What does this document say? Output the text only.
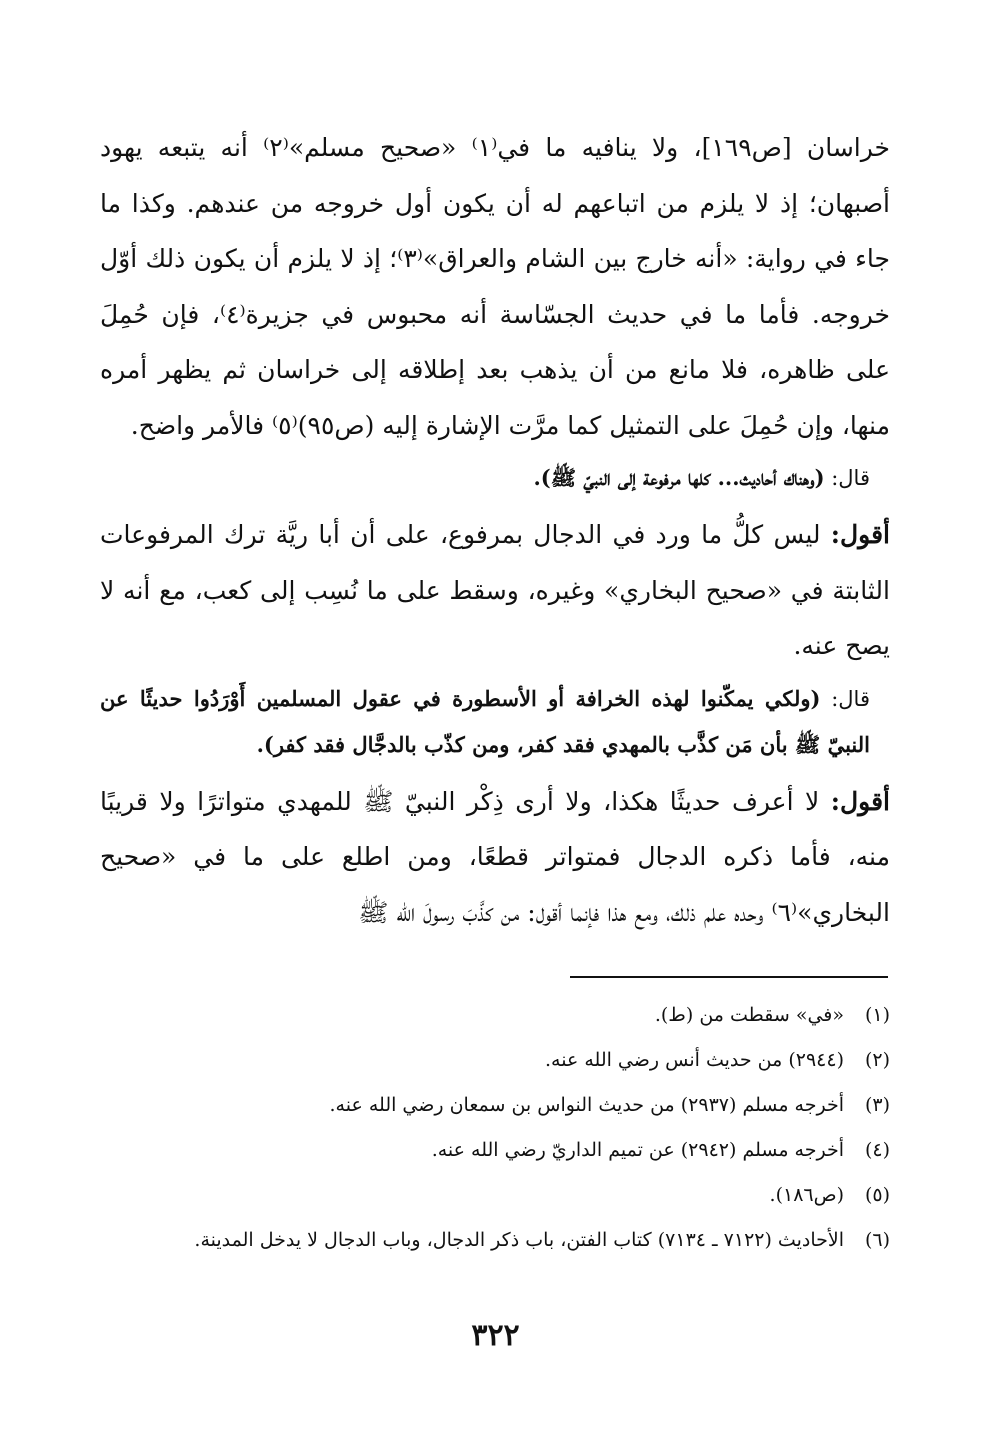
خراسان [ص١٦٩]، ولا ينافيه ما في⁽١⁾ «صحيح مسلم»⁽٢⁾ أنه يتبعه يهود أصبهان؛ إذ لا يلزم من اتباعهم له أن يكون أول خروجه من عندهم. وكذا ما جاء في رواية: «أنه خارج بين الشام والعراق»⁽٣⁾؛ إذ لا يلزم أن يكون ذلك أوّل خروجه. فأما ما في حديث الجسّاسة أنه محبوس في جزيرة⁽٤⁾، فإن حُمِلَ على ظاهره، فلا مانع من أن يذهب بعد إطلاقه إلى خراسان ثم يظهر أمره منها، وإن حُمِلَ على التمثيل كما مرَّت الإشارة إليه (ص٩٥)⁽٥⁾ فالأمر واضح.

قال: (وهناك أحاديث... كلها مرفوعة إلى النبيّ ﷺ).

أقول: ليس كلُّ ما ورد في الدجال بمرفوع، على أن أبا ريَّة ترك المرفوعات الثابتة في «صحيح البخاري» وغيره، وسقط على ما نُسِب إلى كعب، مع أنه لا يصح عنه.

قال: (ولكي يمكّنوا لهذه الخرافة أو الأسطورة في عقول المسلمين أَوْرَدُوا حديثًا عن النبيّ ﷺ بأن مَن كذَّب بالمهدي فقد كفر، ومن كذّب بالدجَّال فقد كفر).

أقول: لا أعرف حديثًا هكذا، ولا أرى ذِكْر النبيّ ﷺ للمهدي متواترًا ولا قريبًا منه، فأما ذكره الدجال فمتواتر قطعًا، ومن اطلع على ما في «صحيح البخاري»⁽٦⁾ وحده علم ذلك، ومع هذا فإنما أقول: من كذَّبَ رسولَ الله ﷺ

(١)
«في» سقطت من (ط).

(٢)
(٢٩٤٤) من حديث أنس رضي الله عنه.

(٣)
أخرجه مسلم (٢٩٣٧) من حديث النواس بن سمعان رضي الله عنه.

(٤)
أخرجه مسلم (٢٩٤٢) عن تميم الداريّ رضي الله عنه.

(٥)
(ص١٨٦).

(٦)
الأحاديث (٧١٢٢ ـ ٧١٣٤) كتاب الفتن، باب ذكر الدجال، وباب الدجال لا يدخل المدينة.

٣٢٢
